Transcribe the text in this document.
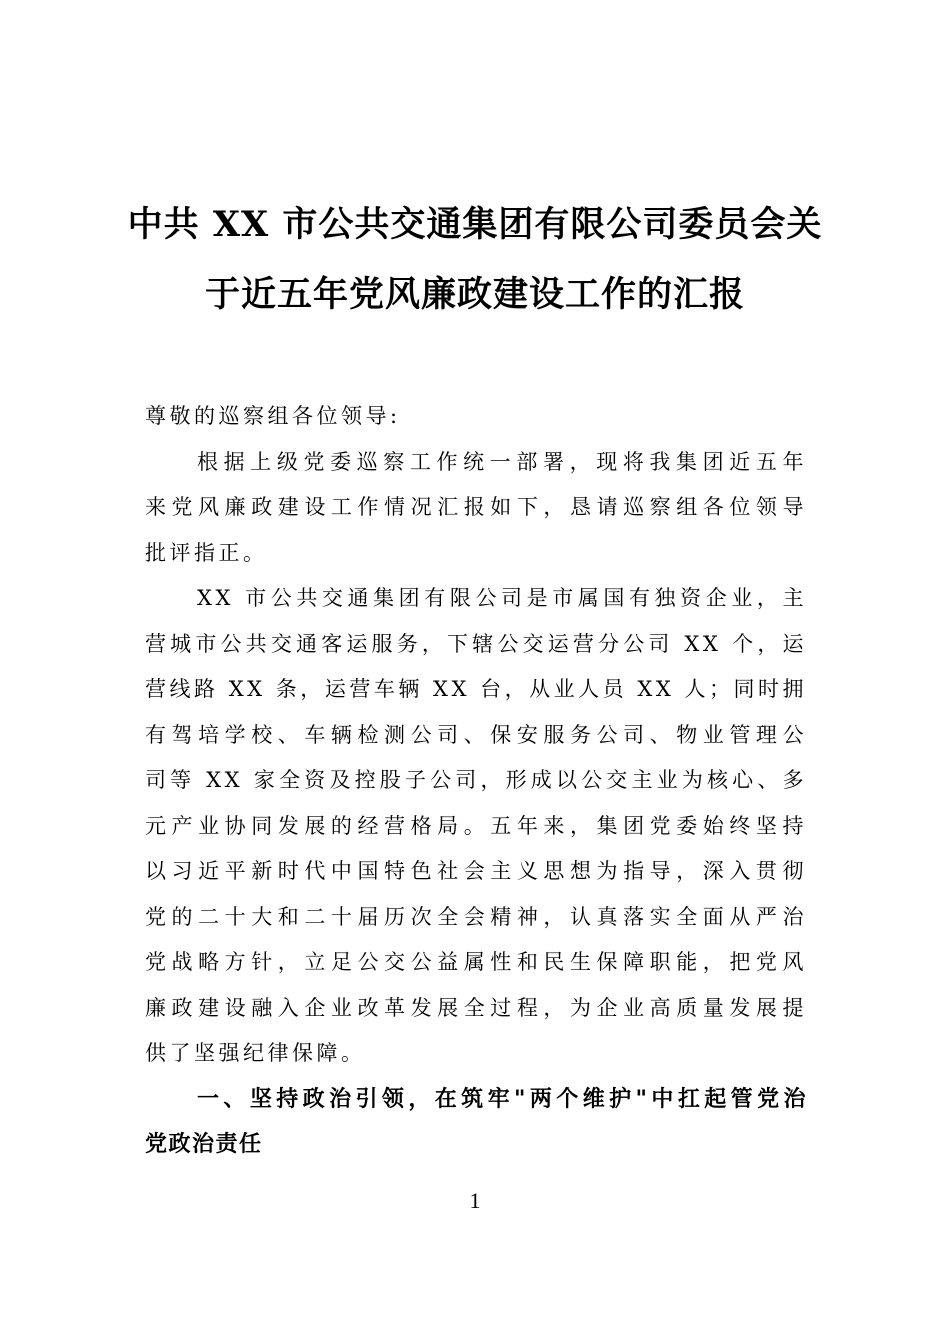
中共 XX 市公共交通集团有限公司委员会关
于近五年党风廉政建设工作的汇报
尊敬的巡察组各位领导:
根据上级党委巡察工作统一部署，现将我集团近五年
来党风廉政建设工作情况汇报如下，恳请巡察组各位领导
批评指正。
XX 市公共交通集团有限公司是市属国有独资企业，主
营城市公共交通客运服务，下辖公交运营分公司 XX 个，运
营线路 XX 条，运营车辆 XX 台，从业人员 XX 人；同时拥
有驾培学校、车辆检测公司、保安服务公司、物业管理公
司等 XX 家全资及控股子公司，形成以公交主业为核心、多
元产业协同发展的经营格局。五年来，集团党委始终坚持
以习近平新时代中国特色社会主义思想为指导，深入贯彻
党的二十大和二十届历次全会精神，认真落实全面从严治
党战略方针，立足公交公益属性和民生保障职能，把党风
廉政建设融入企业改革发展全过程，为企业高质量发展提
供了坚强纪律保障。
一、坚持政治引领，在筑牢"两个维护"中扛起管党治
党政治责任
1
